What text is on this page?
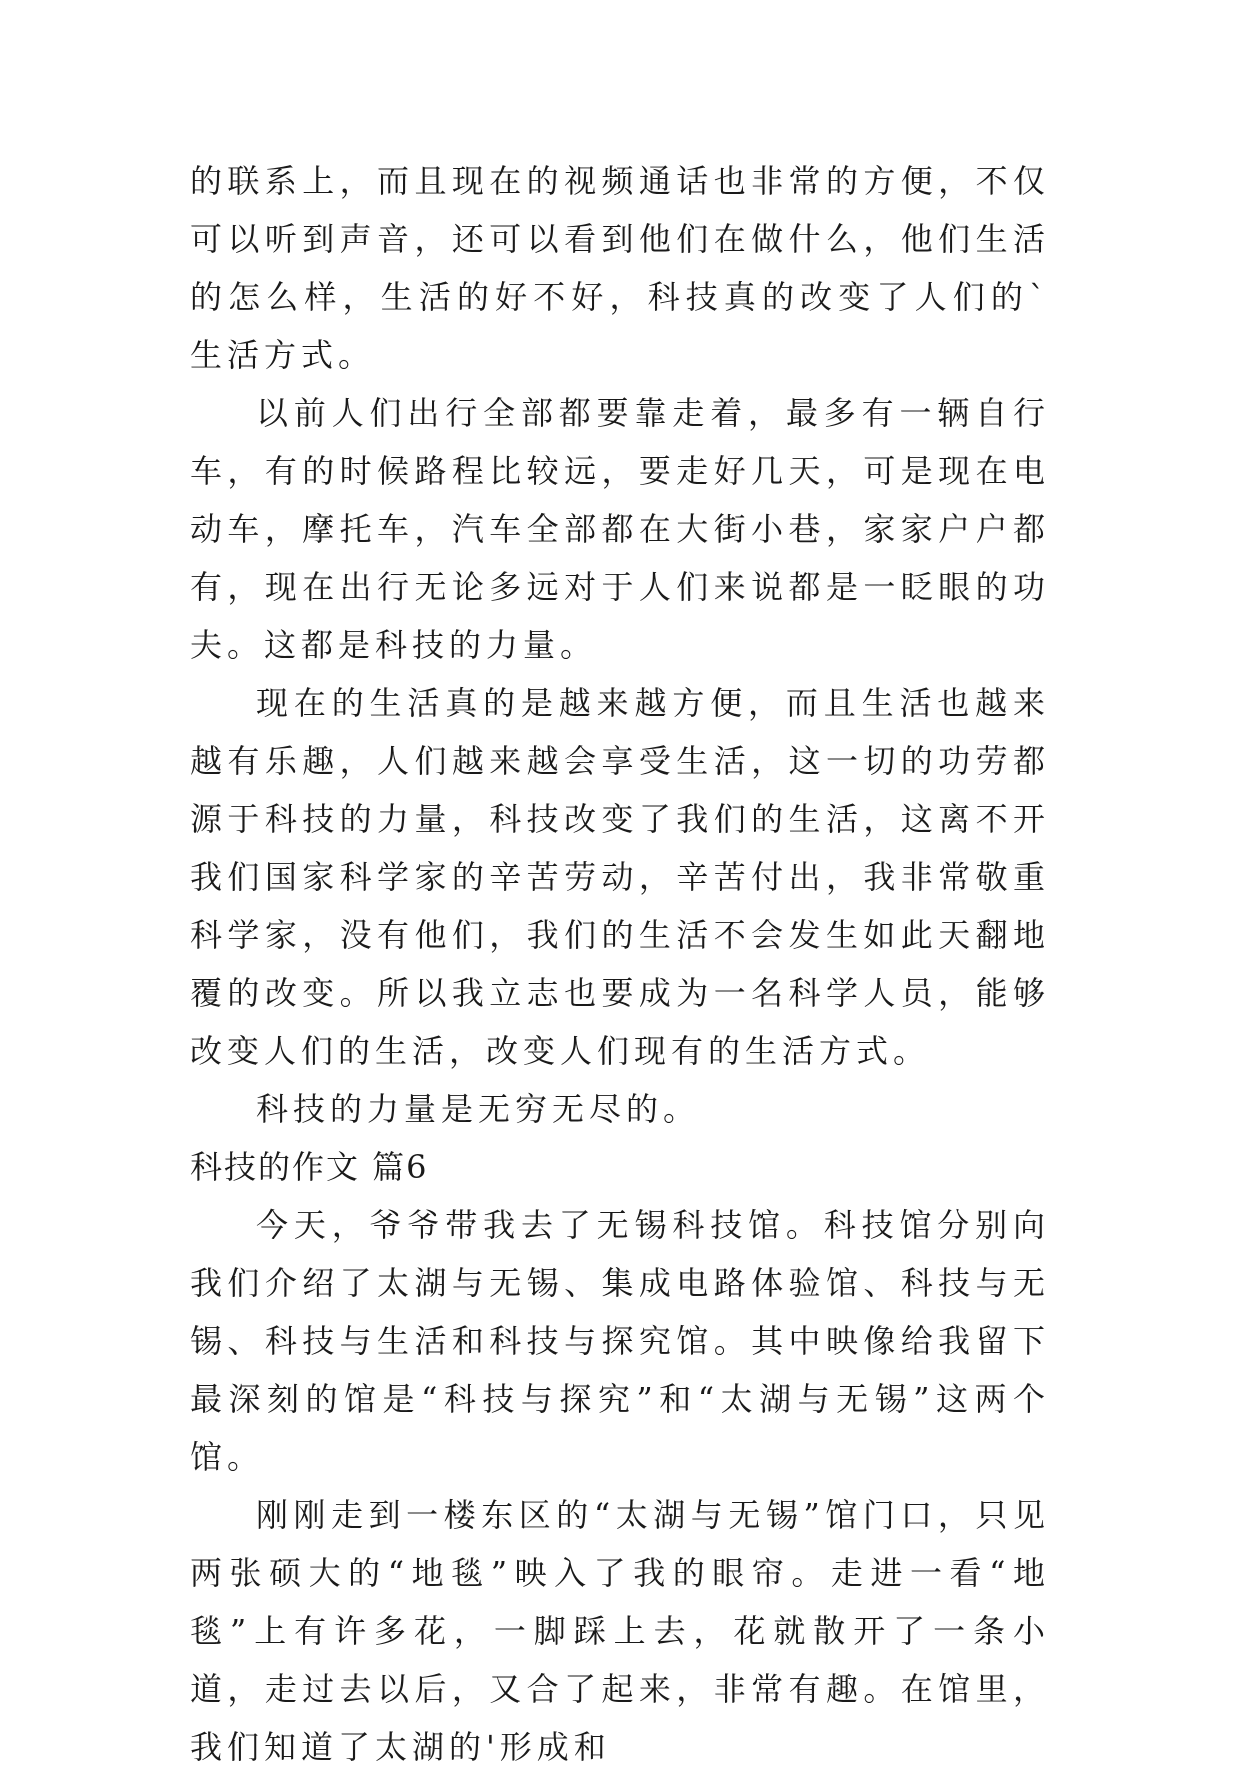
的联系上，而且现在的视频通话也非常的方便，不仅可以听到声音，还可以看到他们在做什么，他们生活的怎么样，生活的好不好，科技真的改变了人们的`生活方式。

以前人们出行全部都要靠走着，最多有一辆自行车，有的时候路程比较远，要走好几天，可是现在电动车，摩托车，汽车全部都在大街小巷，家家户户都有，现在出行无论多远对于人们来说都是一眨眼的功夫。这都是科技的力量。

现在的生活真的是越来越方便，而且生活也越来越有乐趣，人们越来越会享受生活，这一切的功劳都源于科技的力量，科技改变了我们的生活，这离不开我们国家科学家的辛苦劳动，辛苦付出，我非常敬重科学家，没有他们，我们的生活不会发生如此天翻地覆的改变。所以我立志也要成为一名科学人员，能够改变人们的生活，改变人们现有的生活方式。

科技的力量是无穷无尽的。

科技的作文 篇6

今天，爷爷带我去了无锡科技馆。科技馆分别向我们介绍了太湖与无锡、集成电路体验馆、科技与无锡、科技与生活和科技与探究馆。其中映像给我留下最深刻的馆是“科技与探究”和“太湖与无锡”这两个馆。

刚刚走到一楼东区的“太湖与无锡”馆门口，只见两张硕大的“地毯”映入了我的眼帘。走进一看“地毯”上有许多花，一脚踩上去，花就散开了一条小道，走过去以后，又合了起来，非常有趣。在馆里，我们知道了太湖的'形成和
